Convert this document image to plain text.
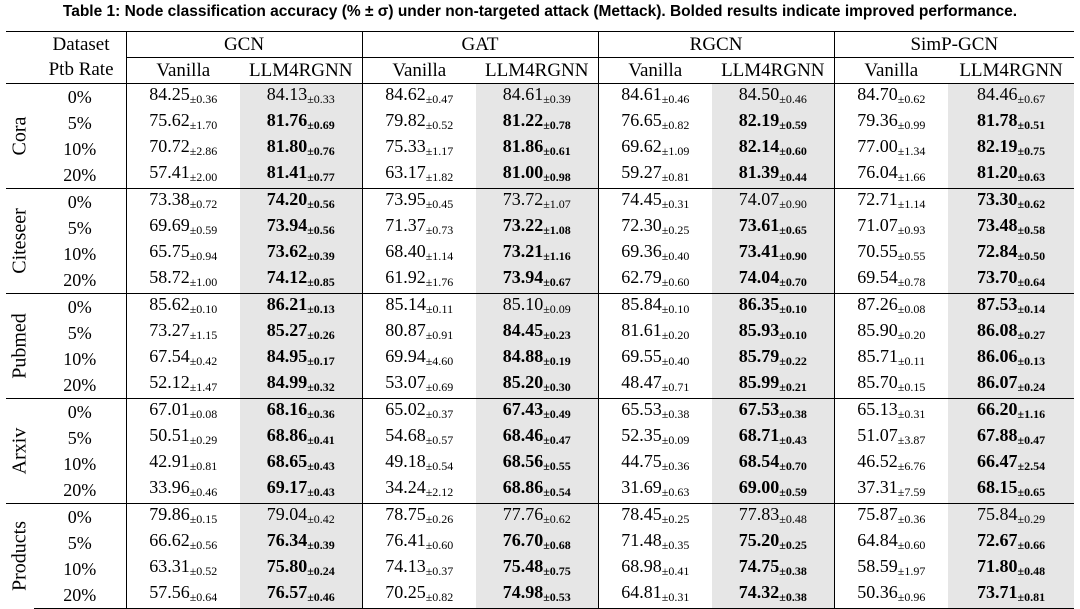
Table 1: Node classification accuracy (% ± σ) under non-targeted attack (Mettack). Bolded results indicate improved performance.
Dataset		GCN		GAT		RGCN		SimP-GCN	
Ptb Rate		Vanilla	LLM4RGNN	Vanilla	LLM4RGNN	Vanilla	LLM4RGNN	Vanilla	LLM4RGNN

Cora	0%	84.25±0.36	84.13±0.33	84.62±0.47	84.61±0.39	84.61±0.46	84.50±0.46	84.70±0.62	84.46±0.67
	5%	75.62±1.70	81.76±0.69	79.82±0.52	81.22±0.78	76.65±0.82	82.19±0.59	79.36±0.99	81.78±0.51
	10%	70.72±2.86	81.80±0.76	75.33±1.17	81.86±0.61	69.62±1.09	82.14±0.60	77.00±1.34	82.19±0.75
	20%	57.41±2.00	81.41±0.77	63.17±1.82	81.00±0.98	59.27±0.81	81.39±0.44	76.04±1.66	81.20±0.63

Citeseer	0%	73.38±0.72	74.20±0.56	73.95±0.45	73.72±1.07	74.45±0.31	74.07±0.90	72.71±1.14	73.30±0.62
	5%	69.69±0.59	73.94±0.56	71.37±0.73	73.22±1.08	72.30±0.25	73.61±0.65	71.07±0.93	73.48±0.58
	10%	65.75±0.94	73.62±0.39	68.40±1.14	73.21±1.16	69.36±0.40	73.41±0.90	70.55±0.55	72.84±0.50
	20%	58.72±1.00	74.12±0.85	61.92±1.76	73.94±0.67	62.79±0.60	74.04±0.70	69.54±0.78	73.70±0.64

Pubmed	0%	85.62±0.10	86.21±0.13	85.14±0.11	85.10±0.09	85.84±0.10	86.35±0.10	87.26±0.08	87.53±0.14
	5%	73.27±1.15	85.27±0.26	80.87±0.91	84.45±0.23	81.61±0.20	85.93±0.10	85.90±0.20	86.08±0.27
	10%	67.54±0.42	84.95±0.17	69.94±4.60	84.88±0.19	69.55±0.40	85.79±0.22	85.71±0.11	86.06±0.13
	20%	52.12±1.47	84.99±0.32	53.07±0.69	85.20±0.30	48.47±0.71	85.99±0.21	85.70±0.15	86.07±0.24

Arxiv	0%	67.01±0.08	68.16±0.36	65.02±0.37	67.43±0.49	65.53±0.38	67.53±0.38	65.13±0.31	66.20±1.16
	5%	50.51±0.29	68.86±0.41	54.68±0.57	68.46±0.47	52.35±0.09	68.71±0.43	51.07±3.87	67.88±0.47
	10%	42.91±0.81	68.65±0.43	49.18±0.54	68.56±0.55	44.75±0.36	68.54±0.70	46.52±6.76	66.47±2.54
	20%	33.96±0.46	69.17±0.43	34.24±2.12	68.86±0.54	31.69±0.63	69.00±0.59	37.31±7.59	68.15±0.65

Products	0%	79.86±0.15	79.04±0.42	78.75±0.26	77.76±0.62	78.45±0.25	77.83±0.48	75.87±0.36	75.84±0.29
	5%	66.62±0.56	76.34±0.39	76.41±0.60	76.70±0.68	71.48±0.35	75.20±0.25	64.84±0.60	72.67±0.66
	10%	63.31±0.52	75.80±0.24	74.13±0.37	75.48±0.75	68.98±0.41	74.75±0.38	58.59±1.97	71.80±0.48
	20%	57.56±0.64	76.57±0.46	70.25±0.82	74.98±0.53	64.81±0.31	74.32±0.38	50.36±0.96	73.71±0.81
